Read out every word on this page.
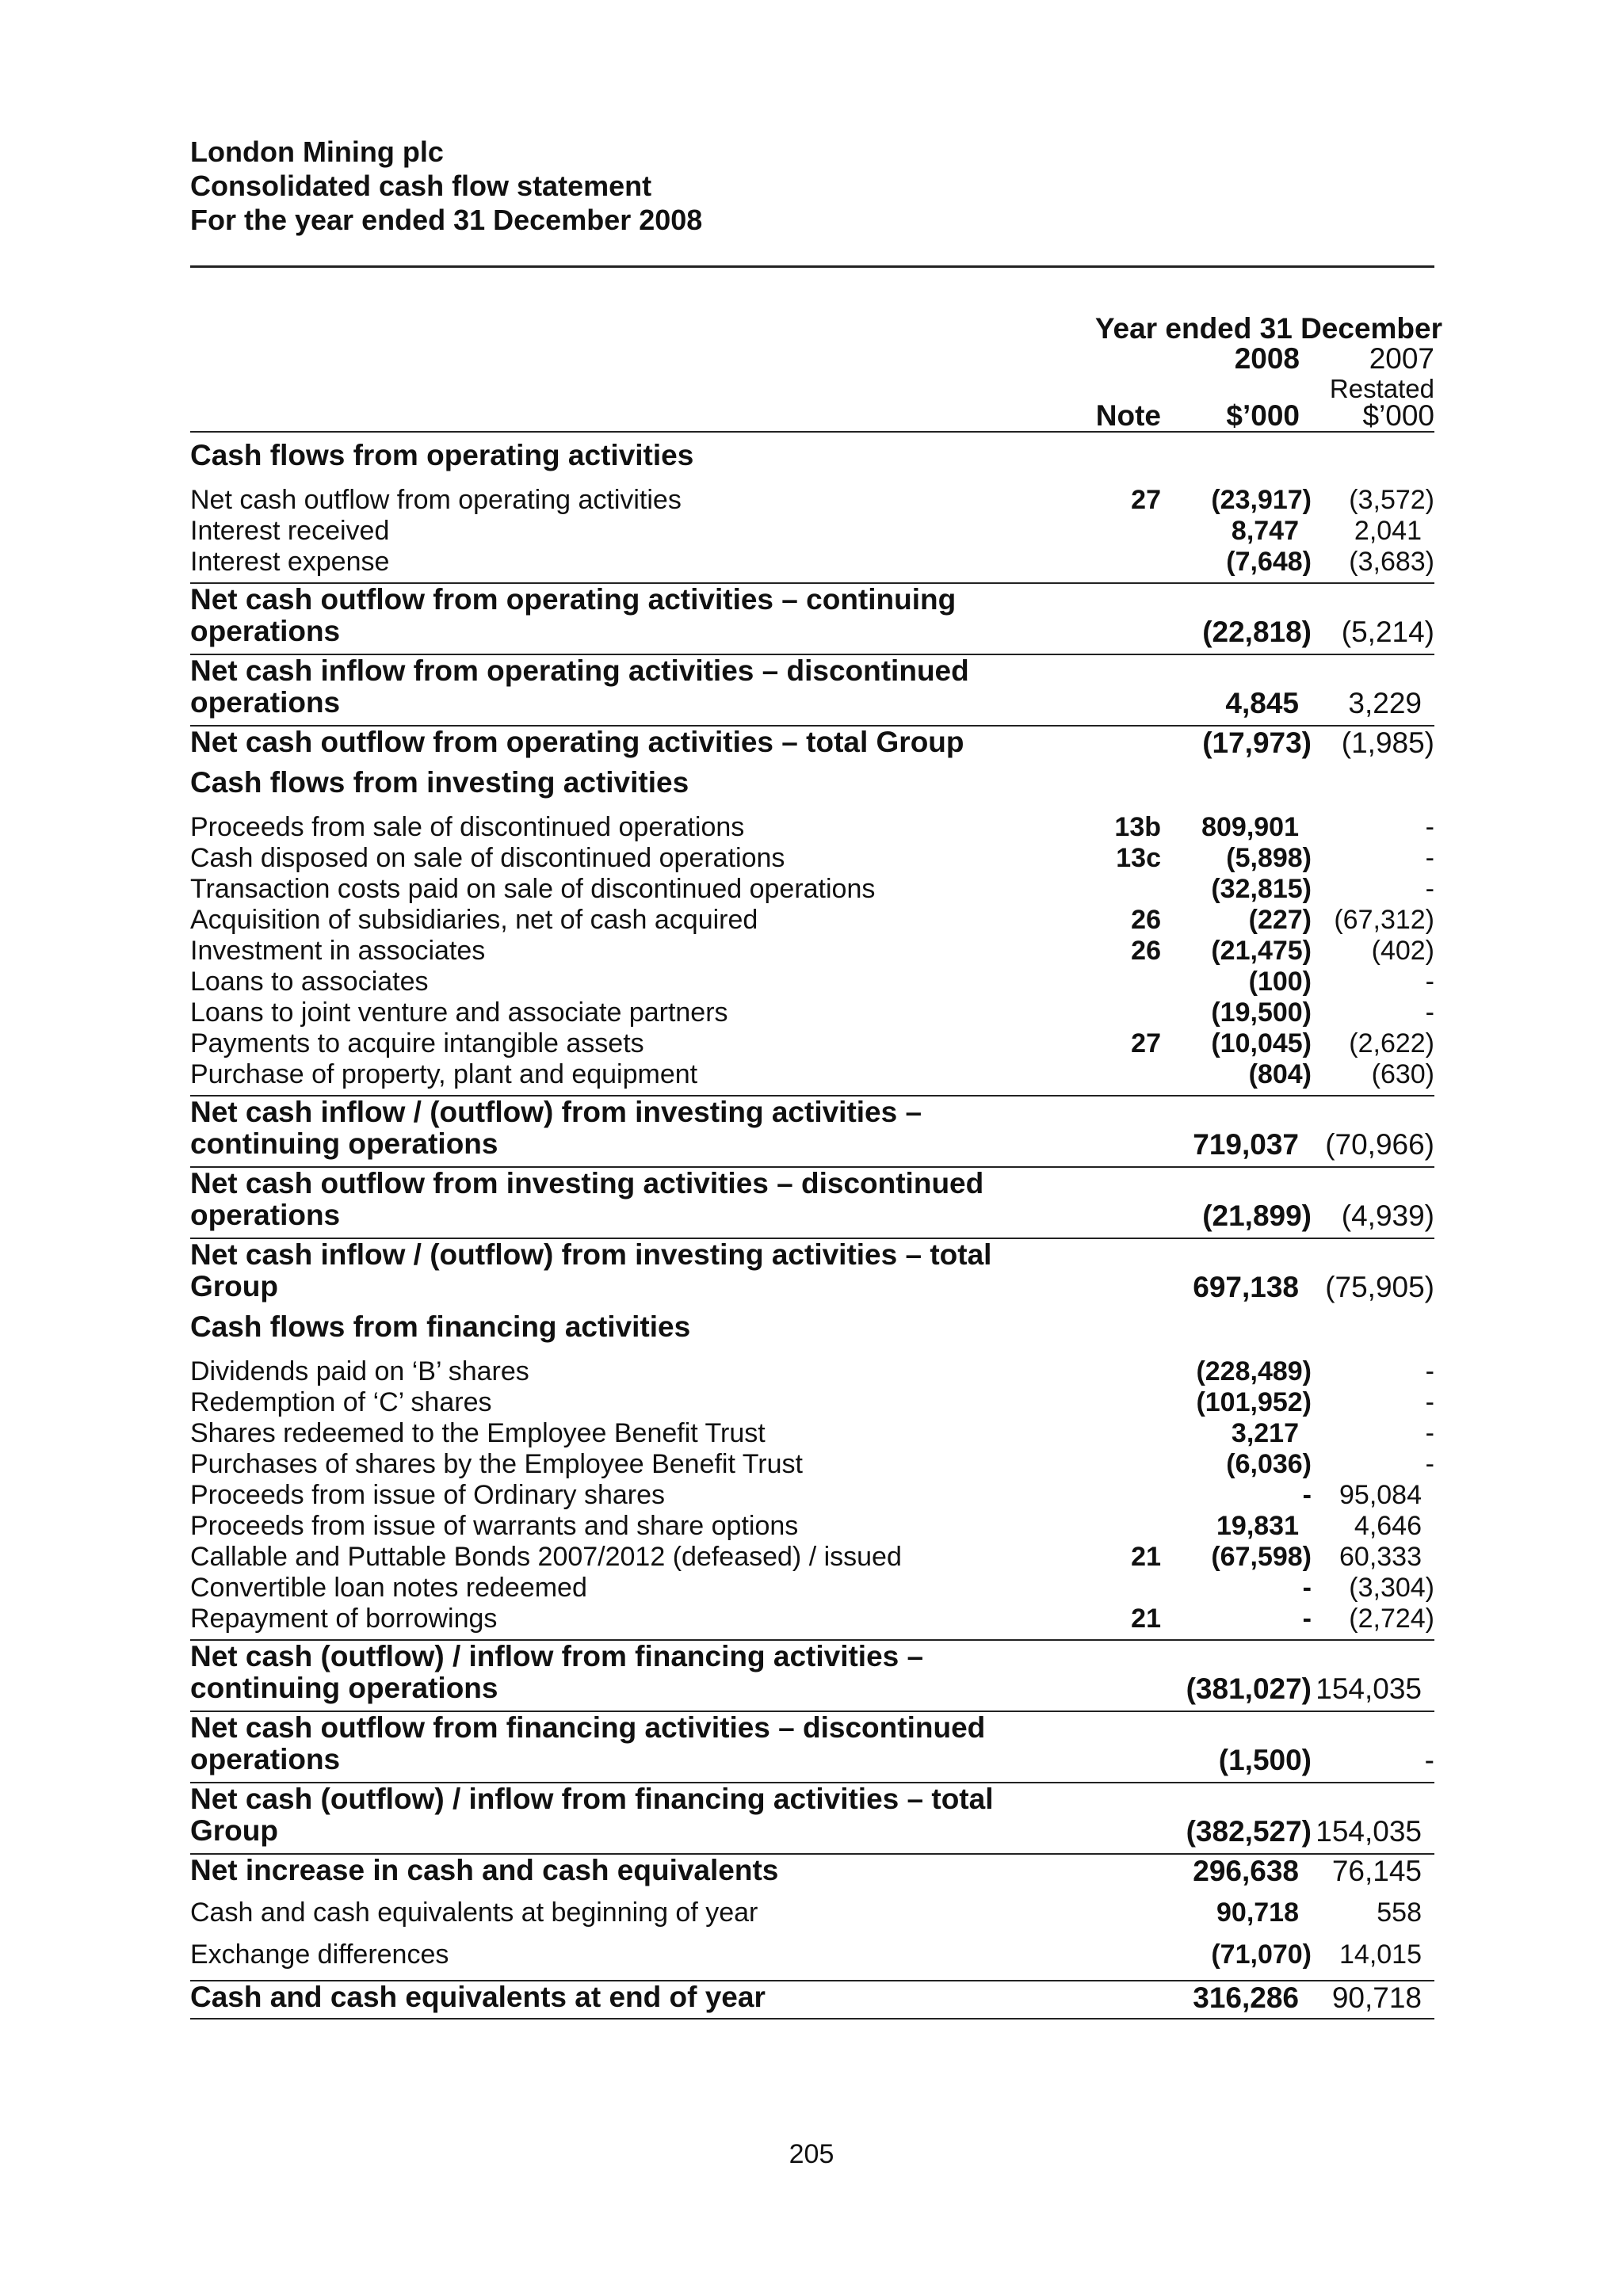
London Mining plc

Consolidated cash flow statement

For the year ended 31 December 2008

Year ended 31 December
2008 2007
Restated
Note $’000 $’000
Cash flows from operating activities
Net cash outflow from operating activities	27 (23,917) (3,572)
Interest received	8,747	2,041
Interest expense	(7,648) (3,683)
Net cash outflow from operating activities – continuing operations	(22,818) (5,214)
Net cash inflow from operating activities – discontinued operations	4,845	3,229
Net cash outflow from operating activities – total Group	(17,973) (1,985)
Cash flows from investing activities
Proceeds from sale of discontinued operations	13b 809,901	-
Cash disposed on sale of discontinued operations	13c (5,898)	-
Transaction costs paid on sale of discontinued operations	(32,815)	-
Acquisition of subsidiaries, net of cash acquired	26	(227) (67,312)
Investment in associates	26 (21,475) (402)
Loans to associates	(100)	-
Loans to joint venture and associate partners	(19,500)	-
Payments to acquire intangible assets	27 (10,045) (2,622)
Purchase of property, plant and equipment	(804) (630)
Net cash inflow / (outflow) from investing activities – continuing operations	719,037 (70,966)
Net cash outflow from investing activities – discontinued operations	(21,899) (4,939)
Net cash inflow / (outflow) from investing activities – total Group	697,138 (75,905)
Cash flows from financing activities
Dividends paid on ‘B’ shares	(228,489)	-
Redemption of ‘C’ shares	(101,952)	-
Shares redeemed to the Employee Benefit Trust	3,217	-
Purchases of shares by the Employee Benefit Trust	(6,036)	-
Proceeds from issue of Ordinary shares	- 95,084
Proceeds from issue of warrants and share options	19,831	4,646
Callable and Puttable Bonds 2007/2012 (defeased) / issued	21 (67,598) 60,333
Convertible loan notes redeemed	- (3,304)
Repayment of borrowings	21	- (2,724)
Net cash (outflow) / inflow from financing activities – continuing operations	(381,027) 154,035
Net cash outflow from financing activities – discontinued operations	(1,500)	-
Net cash (outflow) / inflow from financing activities – total Group	(382,527) 154,035
Net increase in cash and cash equivalents	296,638	76,145
Cash and cash equivalents at beginning of year	90,718	558
Exchange differences	(71,070) 14,015
Cash and cash equivalents at end of year	316,286	90,718
205
